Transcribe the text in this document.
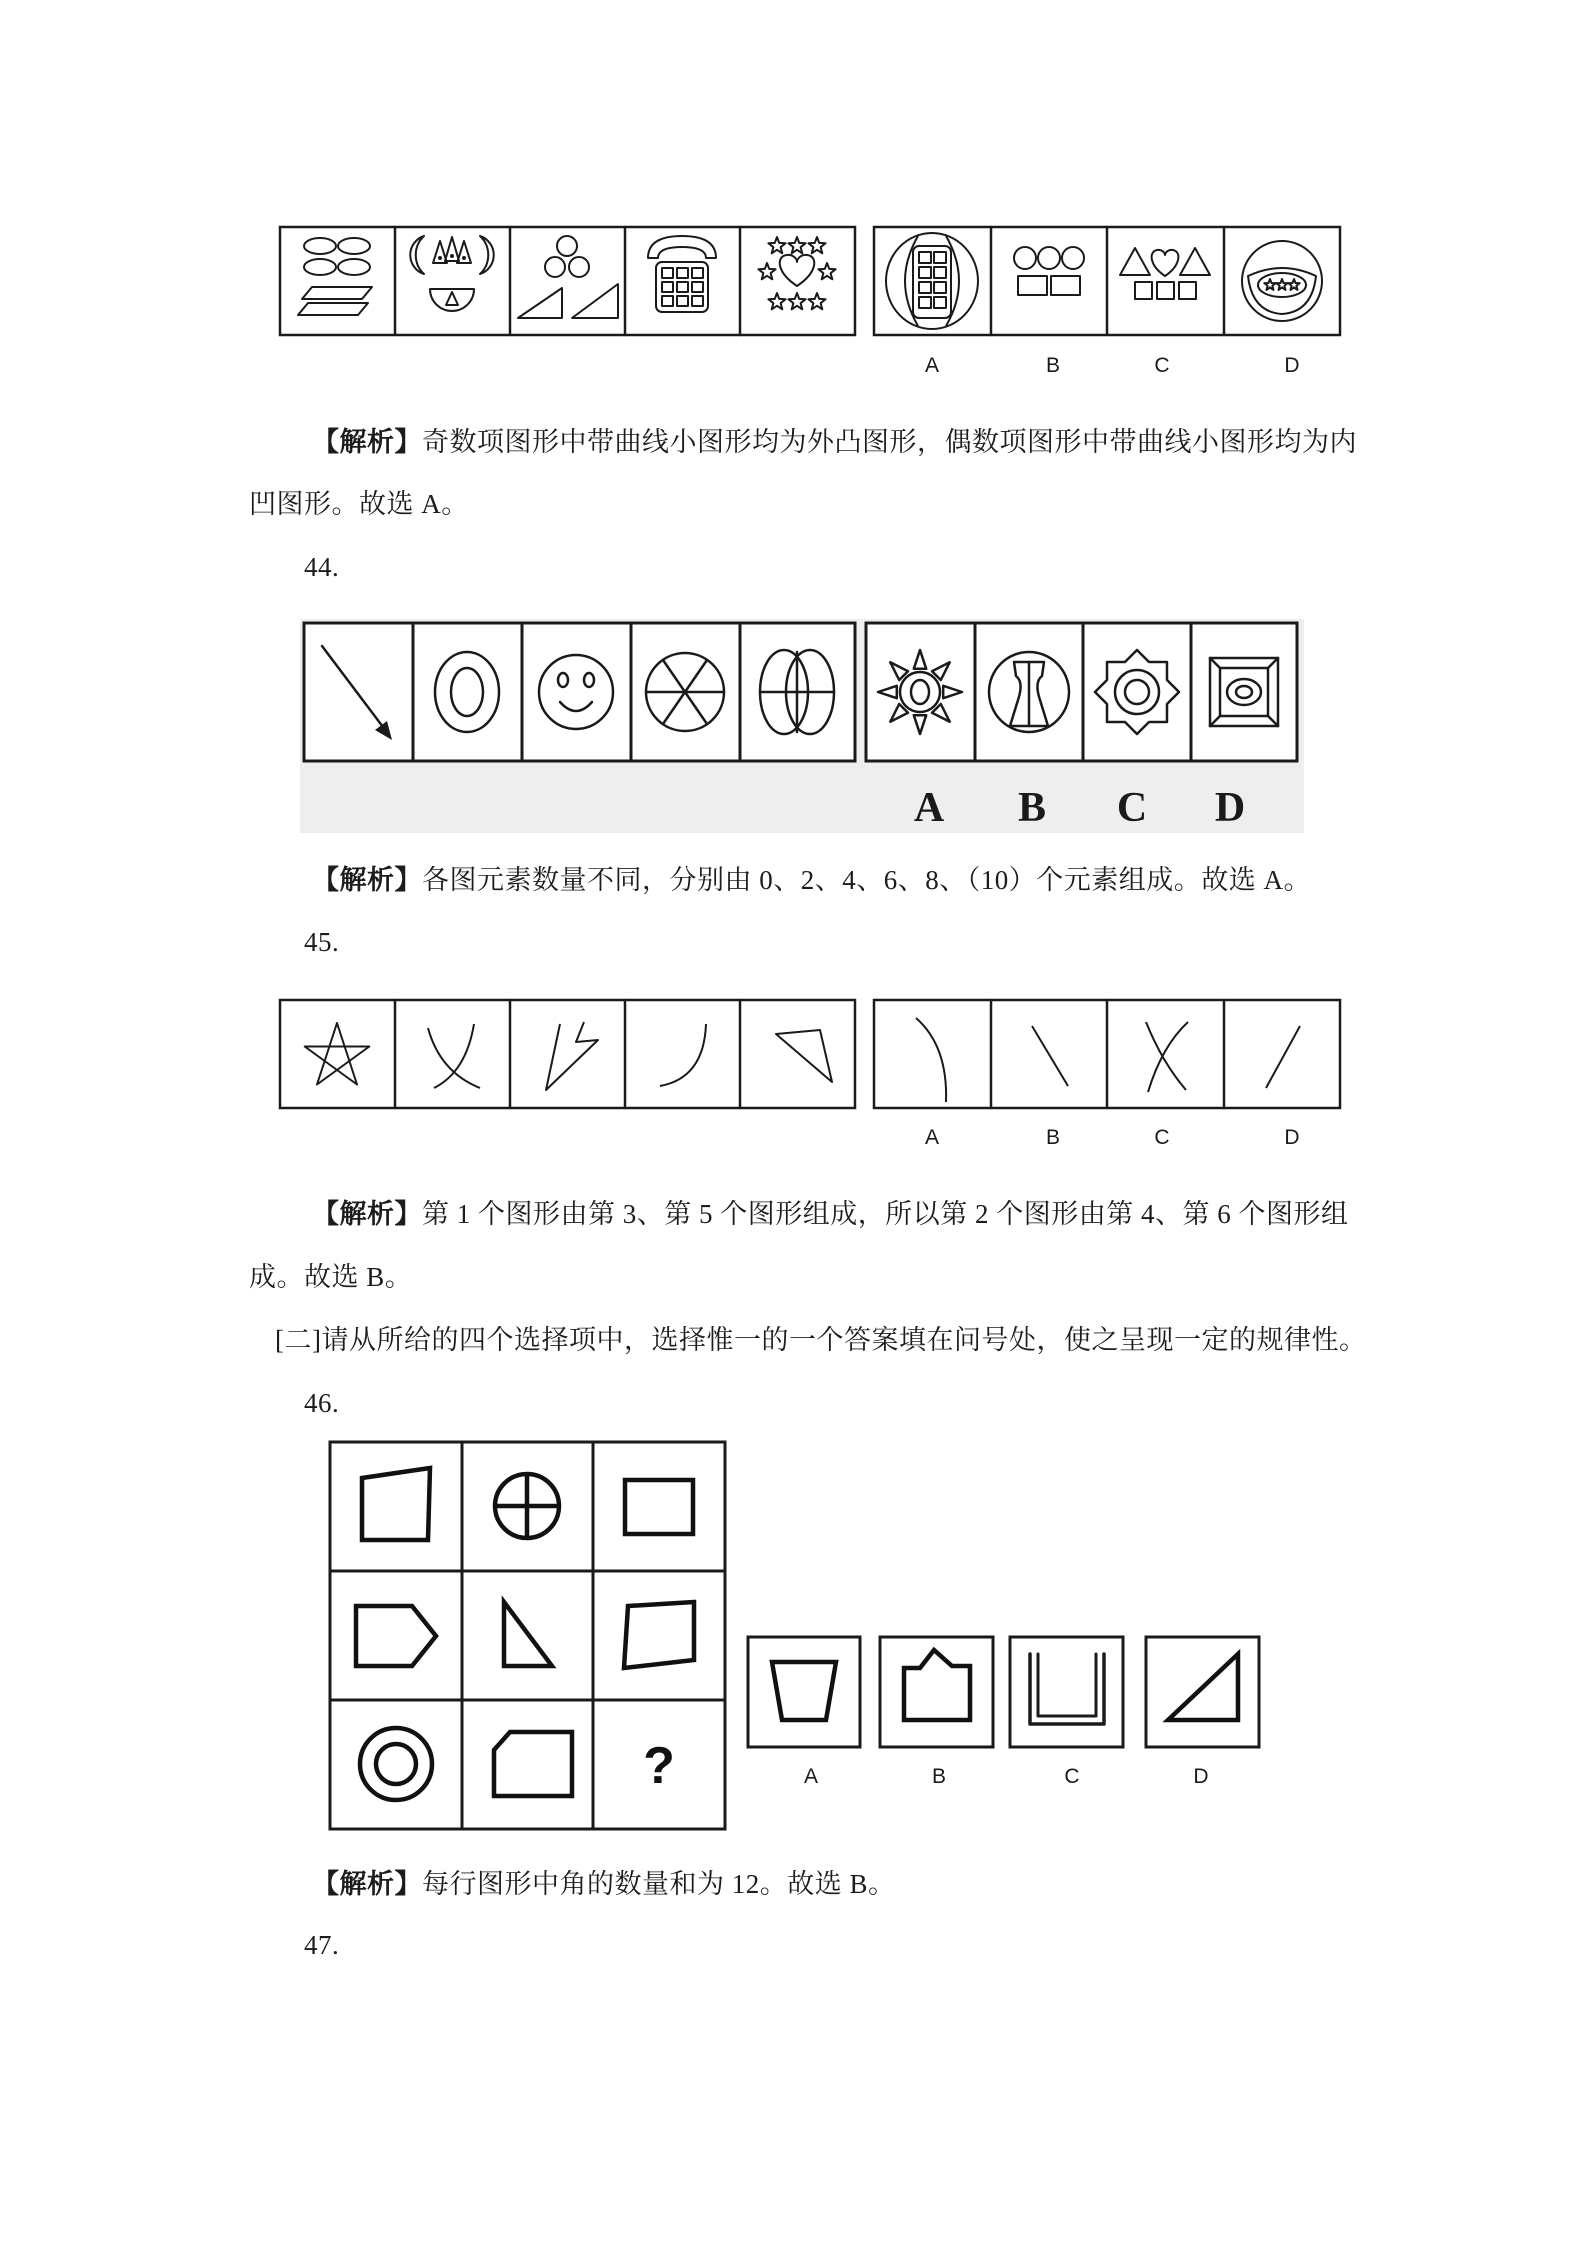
A	B	C	D
A B C D
A	B	C	D
?	A	B	C	D
【解析】奇数项图形中带曲线小图形均为外凸图形，偶数项图形中带曲线小图形均为内
凹图形。故选 A。
44.
【解析】各图元素数量不同，分别由 0、2、4、6、8、（10）个元素组成。故选 A。
45.
【解析】第 1 个图形由第 3、第 5 个图形组成，所以第 2 个图形由第 4、第 6 个图形组
成。故选 B。
[二]请从所给的四个选择项中，选择惟一的一个答案填在问号处，使之呈现一定的规律性。
46.
【解析】每行图形中角的数量和为 12。故选 B。
47.
